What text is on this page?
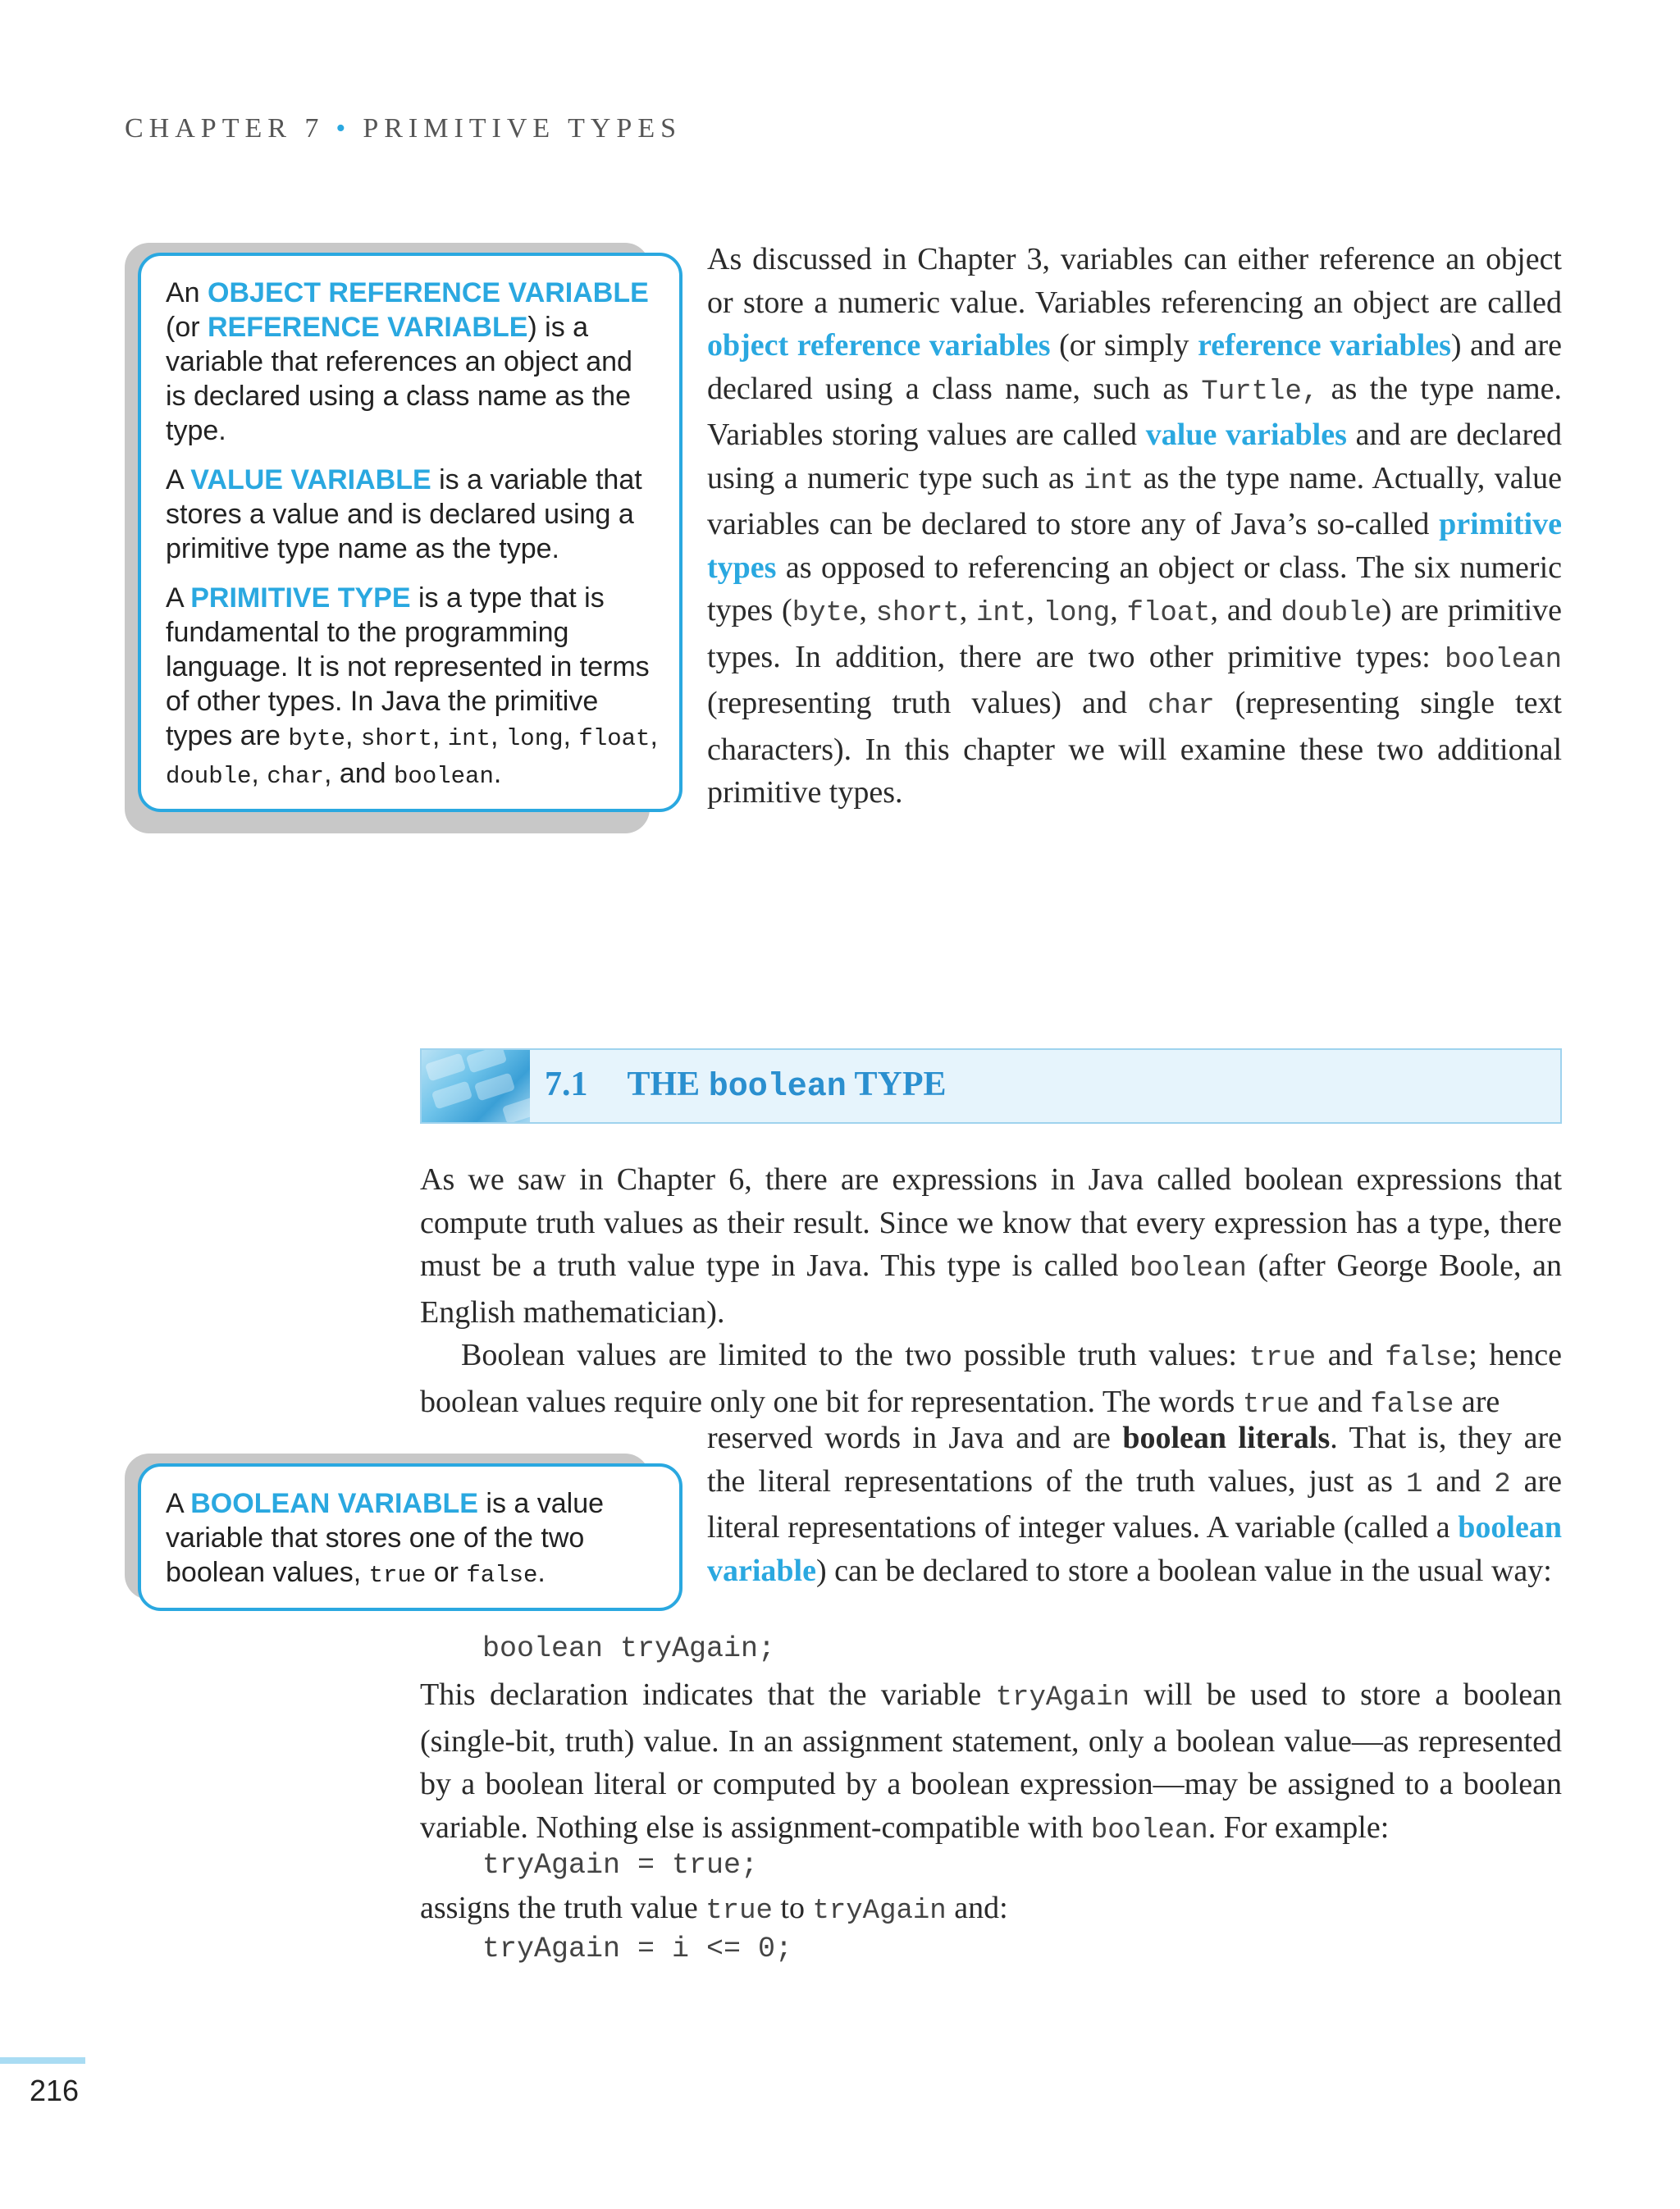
CHAPTER 7 • PRIMITIVE TYPES

An OBJECT REFERENCE VARIABLE (or REFERENCE VARIABLE) is a variable that references an object and is declared using a class name as the type.

A VALUE VARIABLE is a variable that stores a value and is declared using a primitive type name as the type.

A PRIMITIVE TYPE is a type that is fundamental to the programming language. It is not represented in terms of other types. In Java the primitive types are byte, short, int, long, float, double, char, and boolean.

As discussed in Chapter 3, variables can either reference an object or store a numeric value. Variables referencing an object are called object reference variables (or simply reference variables) and are declared using a class name, such as Turtle, as the type name. Variables storing values are called value variables and are declared using a numeric type such as int as the type name. Actually, value variables can be declared to store any of Java’s so-called primitive types as opposed to referencing an object or class. The six numeric types (byte, short, int, long, float, and double) are primitive types. In addition, there are two other primitive types: boolean (representing truth values) and char (representing single text characters). In this chapter we will examine these two additional primitive types.

7.1 THE boolean TYPE

As we saw in Chapter 6, there are expressions in Java called boolean expressions that compute truth values as their result. Since we know that every expression has a type, there must be a truth value type in Java. This type is called boolean (after George Boole, an English mathematician).

Boolean values are limited to the two possible truth values: true and false; hence boolean values require only one bit for representation. The words true and false are

reserved words in Java and are boolean literals. That is, they are the literal representations of the truth values, just as 1 and 2 are literal representations of integer values. A variable (called a boolean variable) can be declared to store a boolean value in the usual way:

A BOOLEAN VARIABLE is a value variable that stores one of the two boolean values, true or false.

boolean tryAgain;

This declaration indicates that the variable tryAgain will be used to store a boolean (single-bit, truth) value. In an assignment statement, only a boolean value—as represented by a boolean literal or computed by a boolean expression—may be assigned to a boolean variable. Nothing else is assignment-compatible with boolean. For example:

tryAgain = true;

assigns the truth value true to tryAgain and:

tryAgain = i <= 0;
216
